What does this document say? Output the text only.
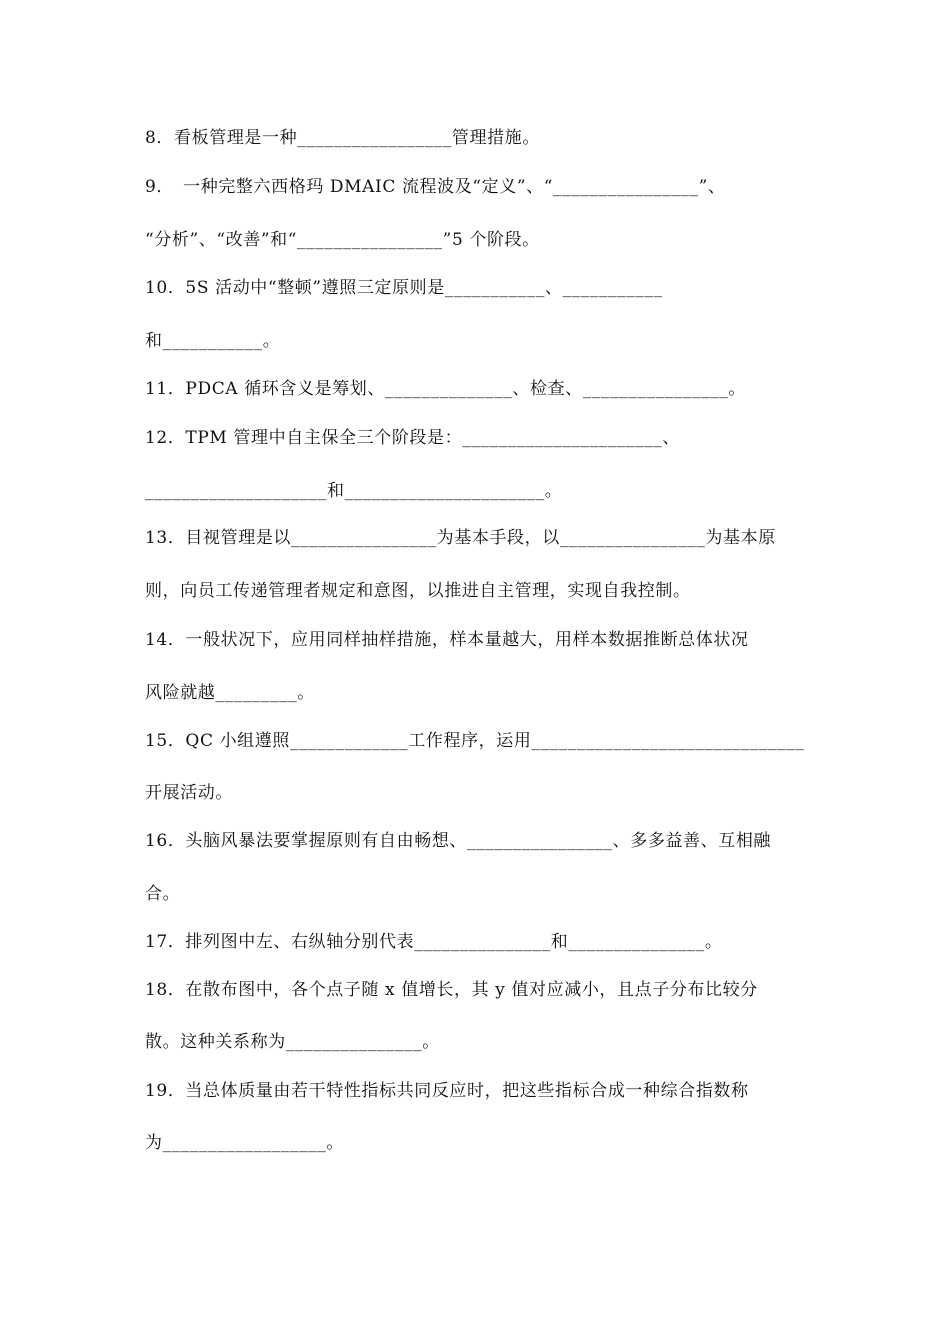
8．看板管理是一种_________________管理措施。
9．　一种完整六西格玛 DMAIC 流程波及“定义”、“________________”、
“分析”、“改善”和“________________”5 个阶段。
10．5S 活动中“整顿”遵照三定原则是___________、___________
和___________。
11．PDCA 循环含义是筹划、______________、检查、________________。
12．TPM 管理中自主保全三个阶段是：______________________、
____________________和______________________。
13．目视管理是以________________为基本手段，以________________为基本原
则，向员工传递管理者规定和意图，以推进自主管理，实现自我控制。
14．一般状况下，应用同样抽样措施，样本量越大，用样本数据推断总体状况
风险就越_________。
15．QC 小组遵照_____________工作程序，运用______________________________
开展活动。
16．头脑风暴法要掌握原则有自由畅想、________________、多多益善、互相融
合。
17．排列图中左、右纵轴分别代表_______________和_______________。
18．在散布图中，各个点子随 x 值增长，其 y 值对应减小，且点子分布比较分
散。这种关系称为_______________。
19．当总体质量由若干特性指标共同反应时，把这些指标合成一种综合指数称
为__________________。
